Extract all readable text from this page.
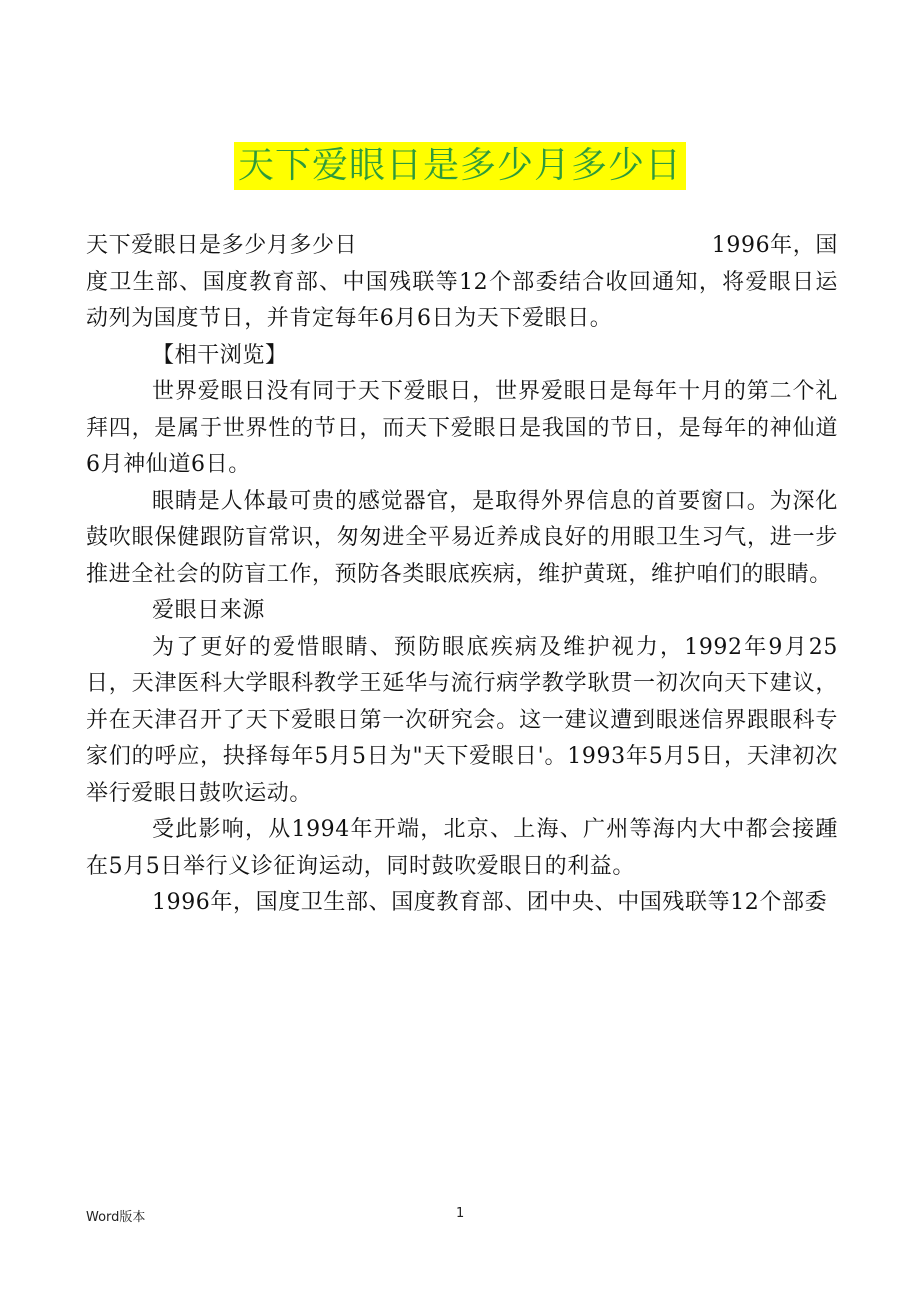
天下爱眼日是多少月多少日

天下爱眼日是多少月多少日	1996年，国

度卫生部、国度教育部、中国残联等12个部委结合收回通知，将爱眼日运动列为国度节日，并肯定每年6月6日为天下爱眼日。

【相干浏览】

世界爱眼日没有同于天下爱眼日，世界爱眼日是每年十月的第二个礼拜四，是属于世界性的节日，而天下爱眼日是我国的节日，是每年的神仙道6月神仙道6日。

眼睛是人体最可贵的感觉器官，是取得外界信息的首要窗口。为深化鼓吹眼保健跟防盲常识，匆匆进全平易近养成良好的用眼卫生习气，进一步推进全社会的防盲工作，预防各类眼底疾病，维护黄斑，维护咱们的眼睛。

爱眼日来源

为了更好的爱惜眼睛、预防眼底疾病及维护视力，1992年9月25日，天津医科大学眼科教学王延华与流行病学教学耿贯一初次向天下建议，并在天津召开了天下爱眼日第一次研究会。这一建议遭到眼迷信界跟眼科专家们的呼应，抉择每年5月5日为"天下爱眼日'。1993年5月5日，天津初次举行爱眼日鼓吹运动。

受此影响，从1994年开端，北京、上海、广州等海内大中都会接踵在5月5日举行义诊征询运动，同时鼓吹爱眼日的利益。

1996年，国度卫生部、国度教育部、团中央、中国残联等12个部委

Word版本	1
